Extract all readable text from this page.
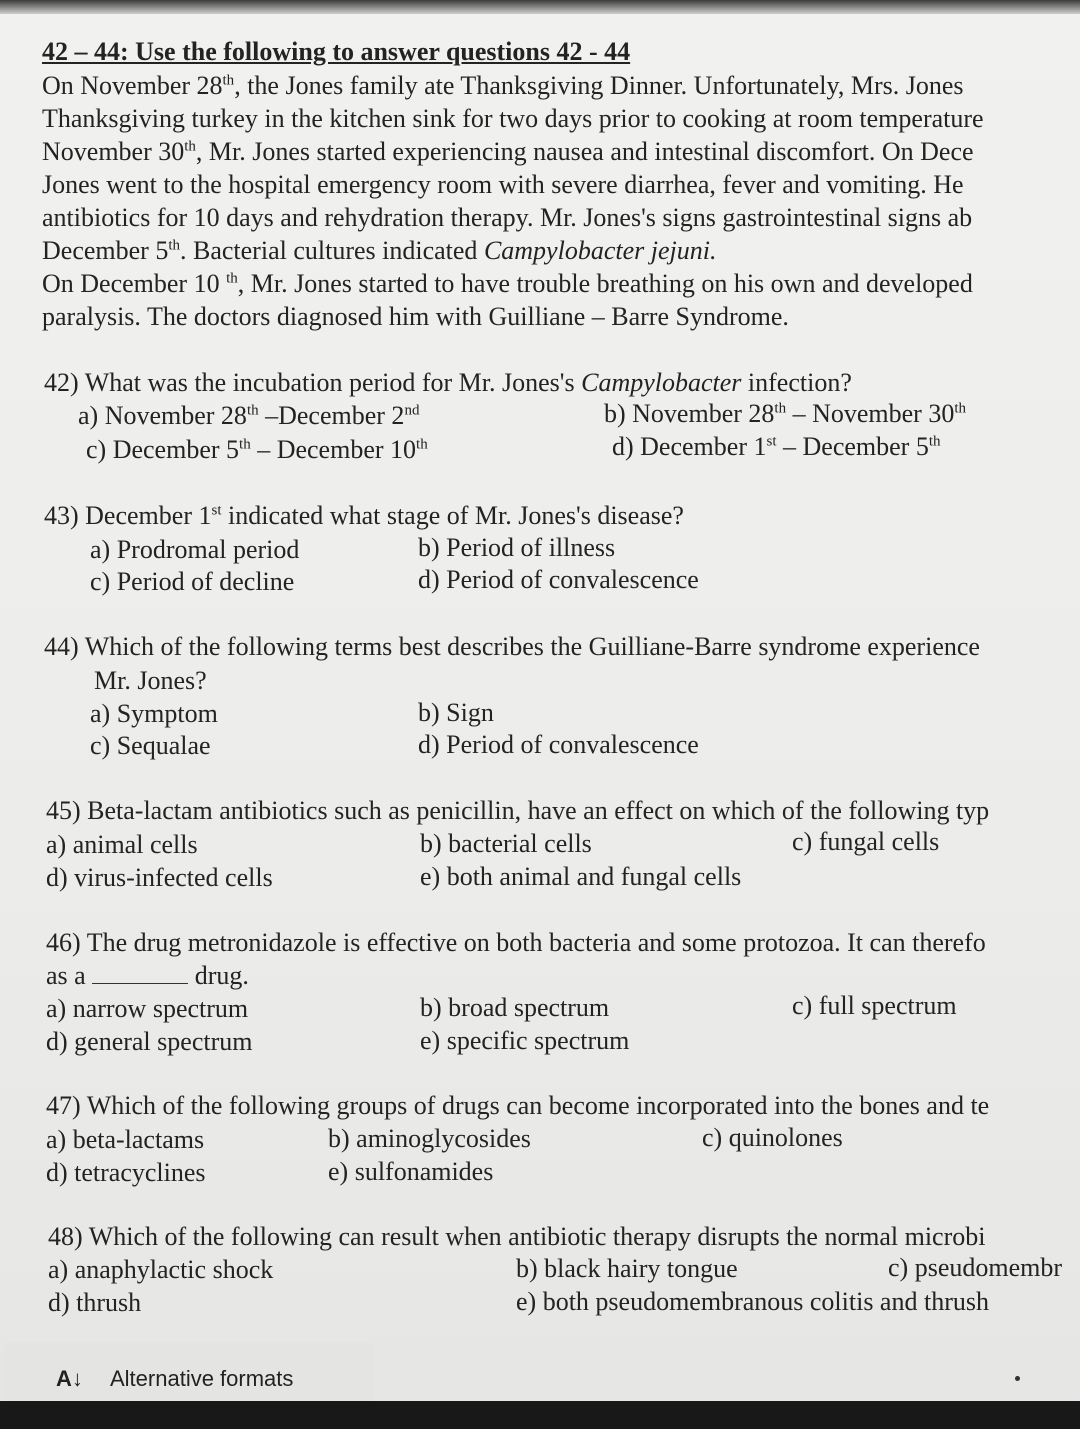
42 – 44: Use the following to answer questions 42 - 44
On November 28th, the Jones family ate Thanksgiving Dinner. Unfortunately, Mrs. Jones
Thanksgiving turkey in the kitchen sink for two days prior to cooking at room temperature
November 30th, Mr. Jones started experiencing nausea and intestinal discomfort. On Dece
Jones went to the hospital emergency room with severe diarrhea, fever and vomiting. He
antibiotics for 10 days and rehydration therapy. Mr. Jones's signs gastrointestinal signs ab
December 5th. Bacterial cultures indicated Campylobacter jejuni.
On December 10 $^{th}$, Mr. Jones started to have trouble breathing on his own and developed
paralysis. The doctors diagnosed him with Guilliane – Barre Syndrome.
42) What was the incubation period for Mr. Jones's Campylobacter infection?
a) November 28th –December 2nd	b) November 28th – November 30th
c) December 5th – December 10th	d) December 1st – December 5th
43) December 1st indicated what stage of Mr. Jones's disease?
a) Prodromal period	b) Period of illness
c) Period of decline	d) Period of convalescence
44) Which of the following terms best describes the Guilliane-Barre syndrome experience
Mr. Jones?
a) Symptom	b) Sign
c) Sequalae	d) Period of convalescence
45) Beta-lactam antibiotics such as penicillin, have an effect on which of the following typ
a) animal cells	b) bacterial cells	c) fungal cells
d) virus-infected cells	e) both animal and fungal cells
46) The drug metronidazole is effective on both bacteria and some protozoa. It can therefo
as a	drug.
a) narrow spectrum	b) broad spectrum	c) full spectrum
d) general spectrum	e) specific spectrum
47) Which of the following groups of drugs can become incorporated into the bones and te
a) beta-lactams	b) aminoglycosides	c) quinolones
d) tetracyclines	e) sulfonamides
48) Which of the following can result when antibiotic therapy disrupts the normal microbi
a) anaphylactic shock	b) black hairy tongue	c) pseudomembr
d) thrush	e) both pseudomembranous colitis and thrush
A↓	Alternative formats
